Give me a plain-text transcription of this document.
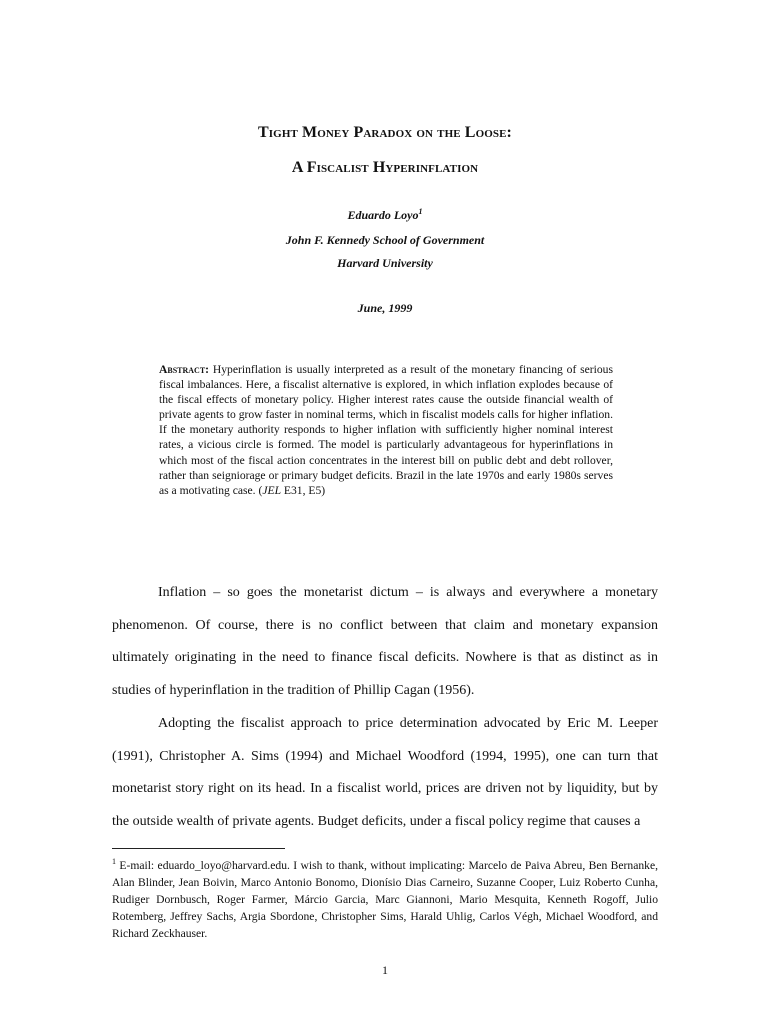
Tight Money Paradox on the Loose:
A Fiscalist Hyperinflation
Eduardo Loyo$^1$
John F. Kennedy School of Government
Harvard University
June, 1999
Abstract: Hyperinflation is usually interpreted as a result of the monetary financing of serious fiscal imbalances. Here, a fiscalist alternative is explored, in which inflation explodes because of the fiscal effects of monetary policy. Higher interest rates cause the outside financial wealth of private agents to grow faster in nominal terms, which in fiscalist models calls for higher inflation. If the monetary authority responds to higher inflation with sufficiently higher nominal interest rates, a vicious circle is formed. The model is particularly advantageous for hyperinflations in which most of the fiscal action concentrates in the interest bill on public debt and debt rollover, rather than seigniorage or primary budget deficits. Brazil in the late 1970s and early 1980s serves as a motivating case. (JEL E31, E5)

Inflation – so goes the monetarist dictum – is always and everywhere a monetary phenomenon. Of course, there is no conflict between that claim and monetary expansion ultimately originating in the need to finance fiscal deficits. Nowhere is that as distinct as in studies of hyperinflation in the tradition of Phillip Cagan (1956).

Adopting the fiscalist approach to price determination advocated by Eric M. Leeper (1991), Christopher A. Sims (1994) and Michael Woodford (1994, 1995), one can turn that monetarist story right on its head. In a fiscalist world, prices are driven not by liquidity, but by the outside wealth of private agents. Budget deficits, under a fiscal policy regime that causes a

$^1$ E-mail: eduardo_loyo@harvard.edu. I wish to thank, without implicating: Marcelo de Paiva Abreu, Ben Bernanke, Alan Blinder, Jean Boivin, Marco Antonio Bonomo, Dionísio Dias Carneiro, Suzanne Cooper, Luiz Roberto Cunha, Rudiger Dornbusch, Roger Farmer, Márcio Garcia, Marc Giannoni, Mario Mesquita, Kenneth Rogoff, Julio Rotemberg, Jeffrey Sachs, Argia Sbordone, Christopher Sims, Harald Uhlig, Carlos Végh, Michael Woodford, and Richard Zeckhauser.
1
